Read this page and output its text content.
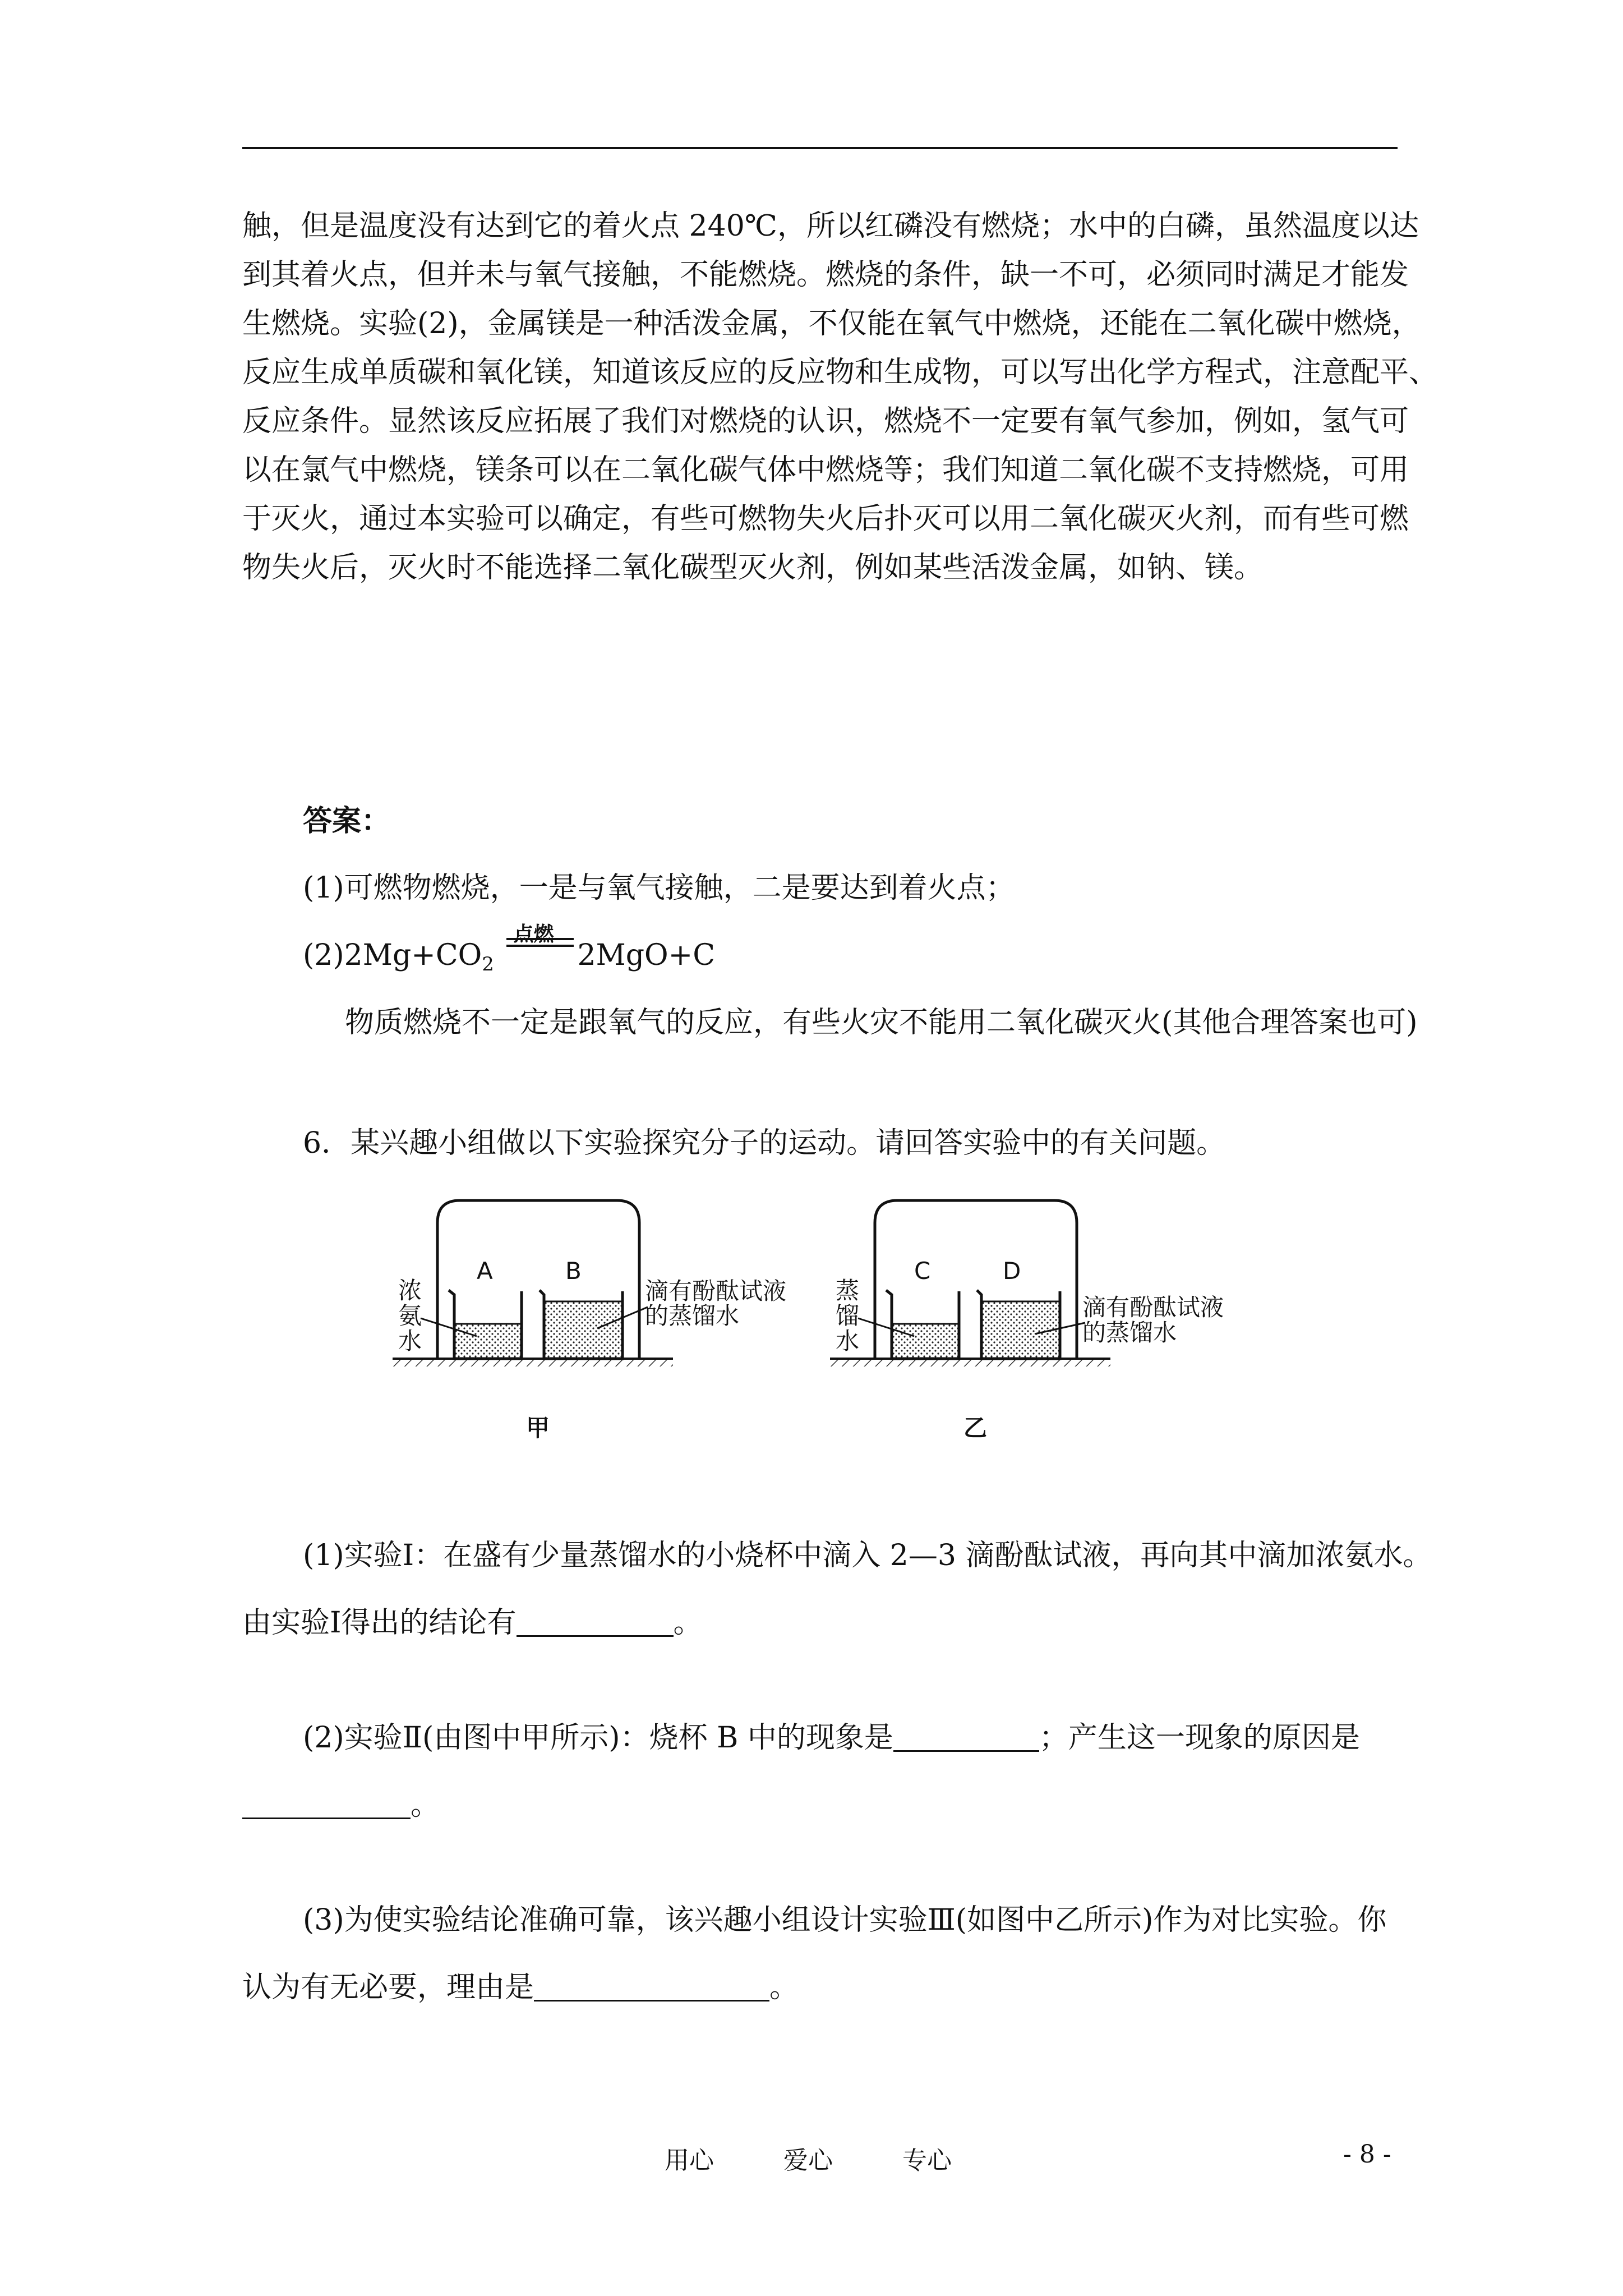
触，但是温度没有达到它的着火点 240℃，所以红磷没有燃烧；水中的白磷，虽然温度以达
到其着火点，但并未与氧气接触，不能燃烧。燃烧的条件，缺一不可，必须同时满足才能发
生燃烧。实验(2)，金属镁是一种活泼金属，不仅能在氧气中燃烧，还能在二氧化碳中燃烧，
反应生成单质碳和氧化镁，知道该反应的反应物和生成物，可以写出化学方程式，注意配平、
反应条件。显然该反应拓展了我们对燃烧的认识，燃烧不一定要有氧气参加，例如，氢气可
以在氯气中燃烧，镁条可以在二氧化碳气体中燃烧等；我们知道二氧化碳不支持燃烧，可用
于灭火，通过本实验可以确定，有些可燃物失火后扑灭可以用二氧化碳灭火剂，而有些可燃
物失火后，灭火时不能选择二氧化碳型灭火剂，例如某些活泼金属，如钠、镁。
答案：
(1)可燃物燃烧，一是与氧气接触，二是要达到着火点；
$(2)2Mg+CO_2$
点燃
2MgO+C
物质燃烧不一定是跟氧气的反应，有些火灾不能用二氧化碳灭火(其他合理答案也可)
6．某兴趣小组做以下实验探究分子的运动。请回答实验中的有关问题。
A	B
浓
氨
水
滴有酚酞试液
的蒸馏水
甲
C	D
蒸
馏
水
滴有酚酞试液
的蒸馏水
乙
(1)实验Ⅰ：在盛有少量蒸馏水的小烧杯中滴入 2—3 滴酚酞试液，再向其中滴加浓氨水。
由实验Ⅰ得出的结论有	。
(2)实验Ⅱ(由图中甲所示)：烧杯 B 中的现象是	；产生这一现象的原因是
。
(3)为使实验结论准确可靠，该兴趣小组设计实验Ⅲ(如图中乙所示)作为对比实验。你
认为有无必要，理由是	。
用心	爱心	专心	- 8 -
